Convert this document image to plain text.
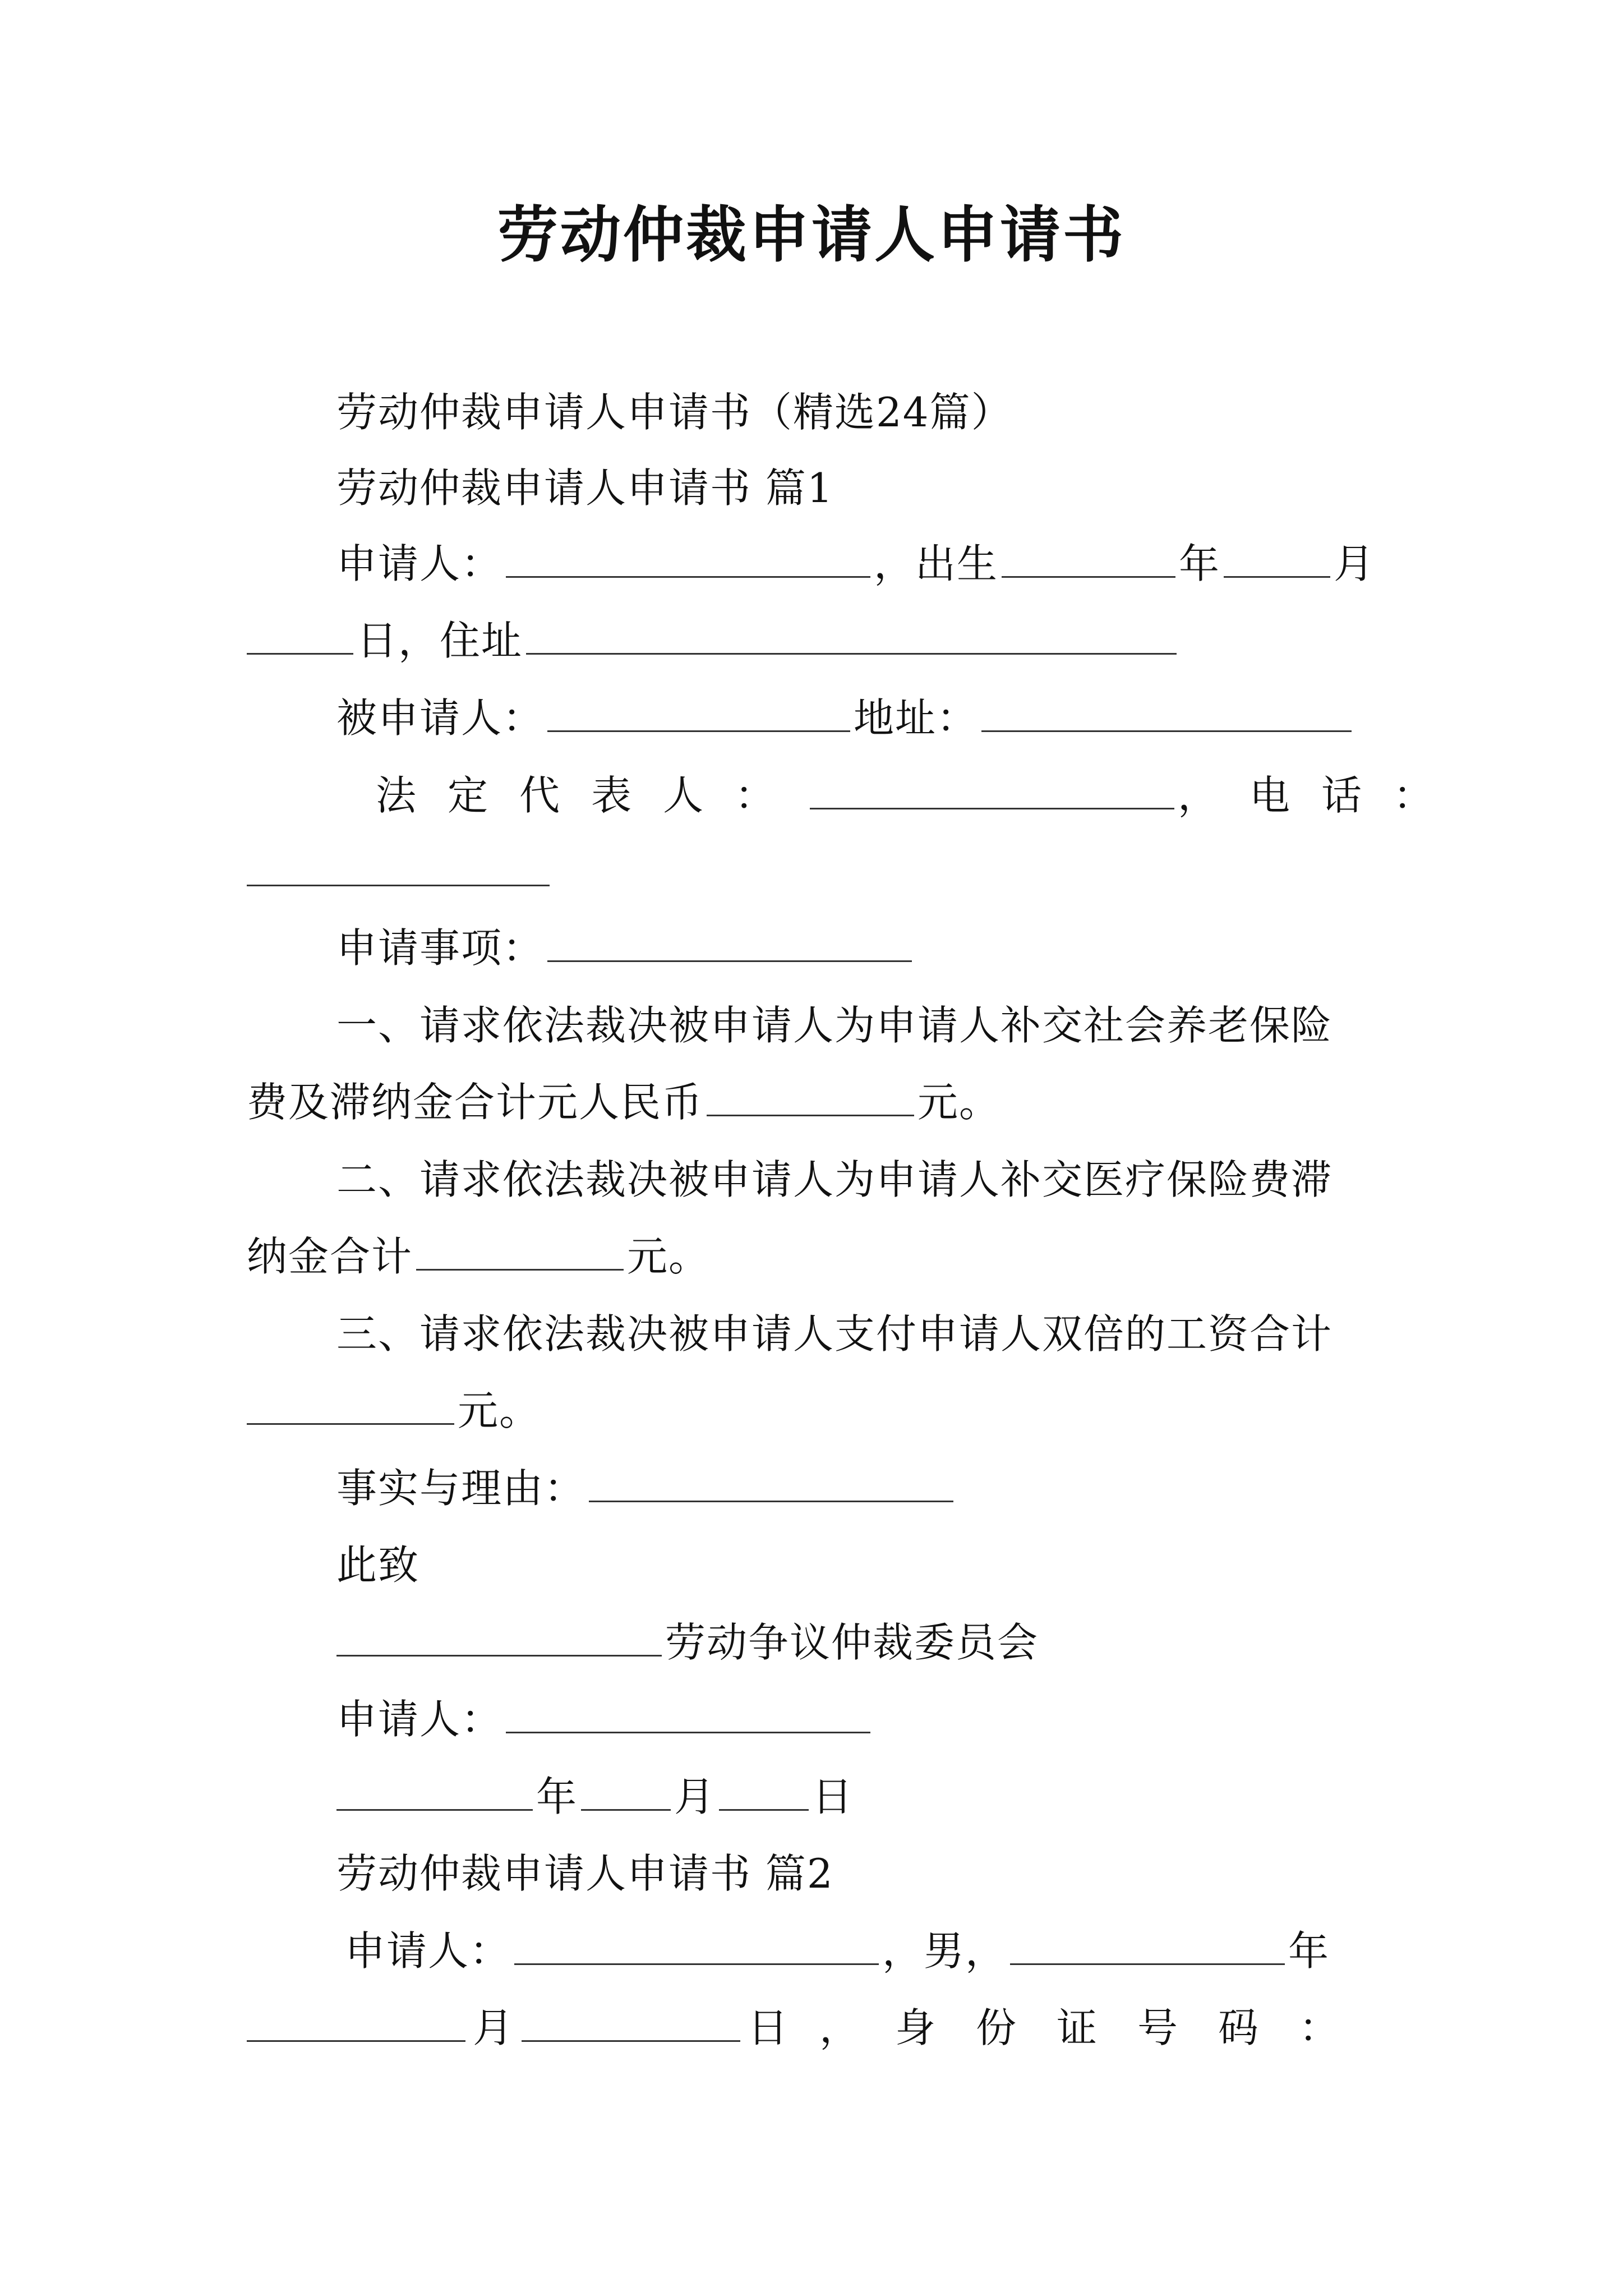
劳动仲裁申请人申请书
劳动仲裁申请人申请书（精选24篇）
劳动仲裁申请人申请书 篇1
申请人：	，出生	年	月
日，住址
被申请人：	地址：
法定代表人：	，电话：
申请事项：
一、请求依法裁决被申请人为申请人补交社会养老保险
费及滞纳金合计元人民币	元。
二、请求依法裁决被申请人为申请人补交医疗保险费滞
纳金合计	元。
三、请求依法裁决被申请人支付申请人双倍的工资合计
元。
事实与理由：
此致
劳动争议仲裁委员会
申请人：
年 月 日
劳动仲裁申请人申请书 篇2
申请人：	，男，	年
月	日， 身份证号码：
